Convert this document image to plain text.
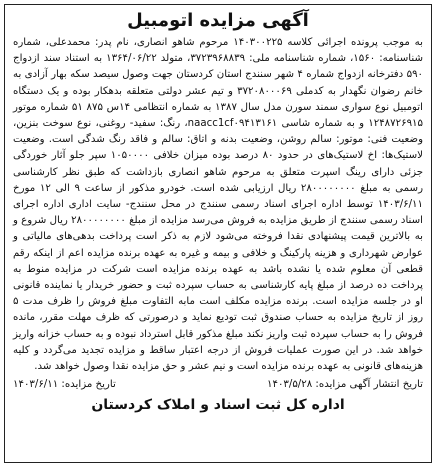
آگهی مزایده اتومبیل

به موجب پرونده اجرائی کلاسه ۱۴۰۳۰۰۲۲۵ مرحوم شاهو انصاری، نام پدر: محمدعلی، شماره شناسنامه: ۱۵۶۰، شماره شناسنامه ملی: ۳۷۲۳۹۶۸۸۳۹، متولد ۱۳۶۴/۰۶/۲۲ به استناد سند ازدواج ۵۹۰ دفترخانه ازدواج شماره ۴ شهر سنندج استان کردستان جهت وصول سیصد سکه بهار آزادی به خانم رضوان نگهدار به کدملی ۳۷۲۰۸۰۰۰۶۹ و تیم عشر دولتی متعلقه بدهکار بوده و یک دستگاه اتومبیل نوع سواری سمند سورن مدل سال ۱۳۸۷ به شماره انتظامی ۱۴س ۸۷۵ ۵۱ شماره موتور ۱۲۴۸۷۲۶۹۱۵ و به شماره شاسی naacc1cf۰۹۴۱۳۱۶۱، رنگ: سفید- روغنی، نوع سوخت بنزین، وضعیت فنی: موتور: سالم روشن، وضعیت بدنه و اتاق: سالم و فاقد رنگ شدگی است. وضعیت لاستیک‌ها: اخ لاستیک‌های در حدود ۸۰ درصد بوده میزان خلافی ۱۰۵۰۰۰۰ سپر جلو آثار خوردگی جزئی دارای رینگ اسپرت متعلق به مرحوم شاهو انصاری بازداشت که طبق نظر کارشناسی رسمی به مبلغ ۲۸۰۰۰۰۰۰۰۰ ریال ارزیابی شده است. خودرو مذکور از ساعت ۹ الی ۱۲ مورخ ۱۴۰۳/۶/۱۱ توسط اداره اجرای اسناد رسمی سنندج در محل سنندج- سایت اداری اداره اجرای اسناد رسمی سنندج از طریق مزایده به فروش می‌رسد مزایده از مبلغ ۲۸۰۰۰۰۰۰۰۰ ریال شروع و به بالاترین قیمت پیشنهادی نقدا فروخته می‌شود لازم به ذکر است پرداخت بدهی‌های مالیاتی و عوارض شهرداری و هزینه پارکینگ و خلافی و بیمه و غیره به عهده برنده مزایده اعم از اینکه رقم قطعی آن معلوم شده یا نشده باشد به عهده برنده مزایده است شرکت در مزایده منوط به پرداخت ده درصد از مبلغ پایه کارشناسی به حساب سپرده ثبت و حضور خریدار یا نماینده قانونی او در جلسه مزایده است. برنده مزایده مکلف است مابه التفاوت مبلغ فروش را ظرف مدت ۵ روز از تاریخ مزایده به حساب صندوق ثبت توديع نماید و درصورتی که ظرف مهلت مقرر، مانده فروش را به حساب سپرده ثبت واریز نکند مبلغ مذکور قابل استرداد نبوده و به حساب خزانه واریز خواهد شد. در این صورت عملیات فروش از درجه اعتبار ساقط و مزایده تجدید می‌گردد و کلیه هزینه‌های قانونی به عهده برنده مزایده است و نیم عشر و حق مزایده نقدا وصول خواهد شد.

تاریخ انتشار آگهی مزایده: ۱۴۰۳/۵/۲۸
تاریخ مزایده: ۱۴۰۳/۶/۱۱
اداره کل ثبت اسناد و املاک کردستان
